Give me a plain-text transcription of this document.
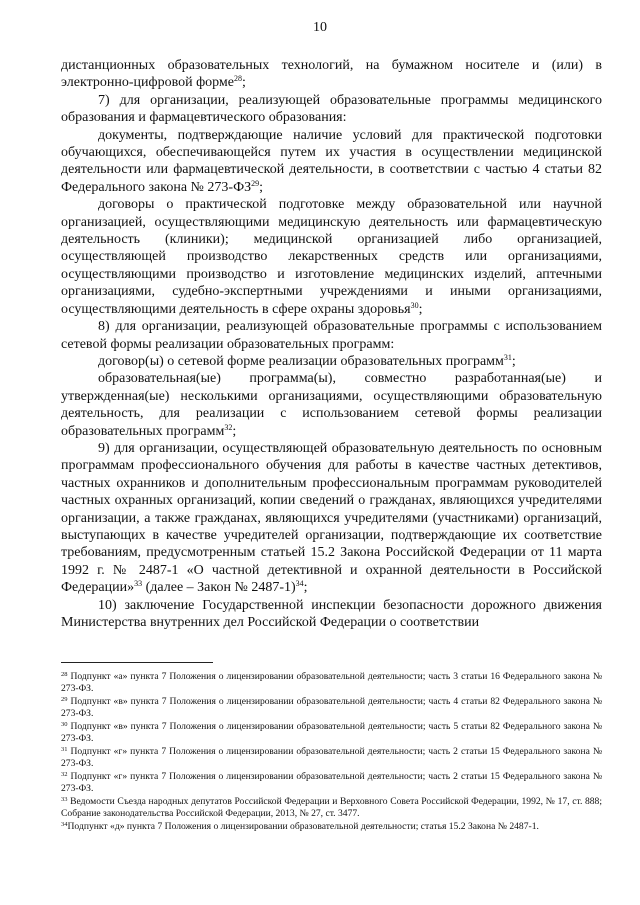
10

дистанционных образовательных технологий, на бумажном носителе и (или) в электронно-цифровой форме$^{28}$;

7) для организации, реализующей образовательные программы медицинского образования и фармацевтического образования:

документы, подтверждающие наличие условий для практической подготовки обучающихся, обеспечивающейся путем их участия в осуществлении медицинской деятельности или фармацевтической деятельности, в соответствии с частью 4 статьи 82 Федерального закона № 273-ФЗ$^{29}$;

договоры о практической подготовке между образовательной или научной организацией, осуществляющими медицинскую деятельность или фармацевтическую деятельность (клиники); медицинской организацией либо организацией, осуществляющей производство лекарственных средств или организациями, осуществляющими производство и изготовление медицинских изделий, аптечными организациями, судебно-экспертными учреждениями и иными организациями, осуществляющими деятельность в сфере охраны здоровья$^{30}$;

8) для организации, реализующей образовательные программы с использованием сетевой формы реализации образовательных программ:

договор(ы) о сетевой форме реализации образовательных программ$^{31}$;

образовательная(ые) программа(ы), совместно разработанная(ые) и утвержденная(ые) несколькими организациями, осуществляющими образовательную деятельность, для реализации с использованием сетевой формы реализации образовательных программ$^{32}$;

9) для организации, осуществляющей образовательную деятельность по основным программам профессионального обучения для работы в качестве частных детективов, частных охранников и дополнительным профессиональным программам руководителей частных охранных организаций, копии сведений о гражданах, являющихся учредителями организации, а также гражданах, являющихся учредителями (участниками) организаций, выступающих в качестве учредителей организации, подтверждающие их соответствие требованиям, предусмотренным статьей 15.2 Закона Российской Федерации от 11 марта 1992 г. № 2487-1 «О частной детективной и охранной деятельности в Российской Федерации»$^{33}$ (далее – Закон № 2487-1)$^{34}$;

10) заключение Государственной инспекции безопасности дорожного движения Министерства внутренних дел Российской Федерации о соответствии

$^{28}$ Подпункт «а» пункта 7 Положения о лицензировании образовательной деятельности; часть 3 статьи 16 Федерального закона № 273-ФЗ.

$^{29}$ Подпункт «в» пункта 7 Положения о лицензировании образовательной деятельности; часть 4 статьи 82 Федерального закона № 273-ФЗ.

$^{30}$ Подпункт «в» пункта 7 Положения о лицензировании образовательной деятельности; часть 5 статьи 82 Федерального закона № 273-ФЗ.

$^{31}$ Подпункт «г» пункта 7 Положения о лицензировании образовательной деятельности; часть 2 статьи 15 Федерального закона № 273-ФЗ.

$^{32}$ Подпункт «г» пункта 7 Положения о лицензировании образовательной деятельности; часть 2 статьи 15 Федерального закона № 273-ФЗ.

$^{33}$ Ведомости Съезда народных депутатов Российской Федерации и Верховного Совета Российской Федерации, 1992, № 17, ст. 888; Собрание законодательства Российской Федерации, 2013, № 27, ст. 3477.

$^{34}$Подпункт «д» пункта 7 Положения о лицензировании образовательной деятельности; статья 15.2 Закона № 2487-1.
